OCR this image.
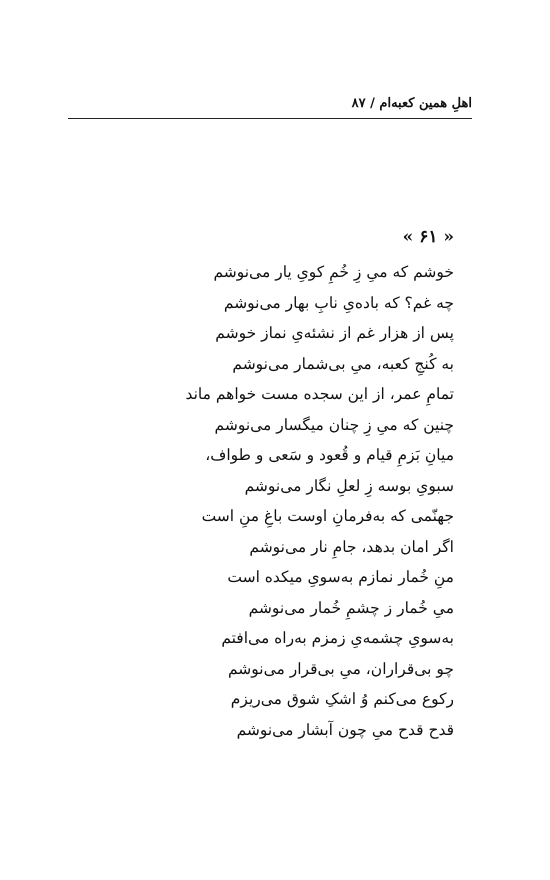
اهلِ همین کعبه‌ام / ۸۷
« ۶۱ »
خوشم که میِ زِ خُمِ کویِ یار می‌نوشم
چه غم؟ که باده‌یِ نابِ بهار می‌نوشم
پس از هزار غم از نشئه‌یِ نماز خوشم
به کُنجِ کعبه، میِ بی‌شمار می‌نوشم
تمامِ عمر، از این سجده مست خواهم ماند
چنین که میِ زِ چنان میگسار می‌نوشم
میانِ بَزمِ قیام و قُعود و سَعی و طواف،
سبویِ بوسه زِ لعلِ نگار می‌نوشم
جهنّمی که به‌فرمانِ اوست باغِ منِ است
اگر امان بدهد، جامِ نار می‌نوشم
منِ خُمار نمازم به‌سویِ میکده است
میِ خُمار ز چشمِ خُمار می‌نوشم
به‌سویِ چشمه‌یِ زمزم به‌راه می‌افتم
چو بی‌قراران، میِ بی‌قرار می‌نوشم
رکوع می‌کنم وُ اشکِ شوق می‌ریزم
قدح قدح میِ چون آبشار می‌نوشم
